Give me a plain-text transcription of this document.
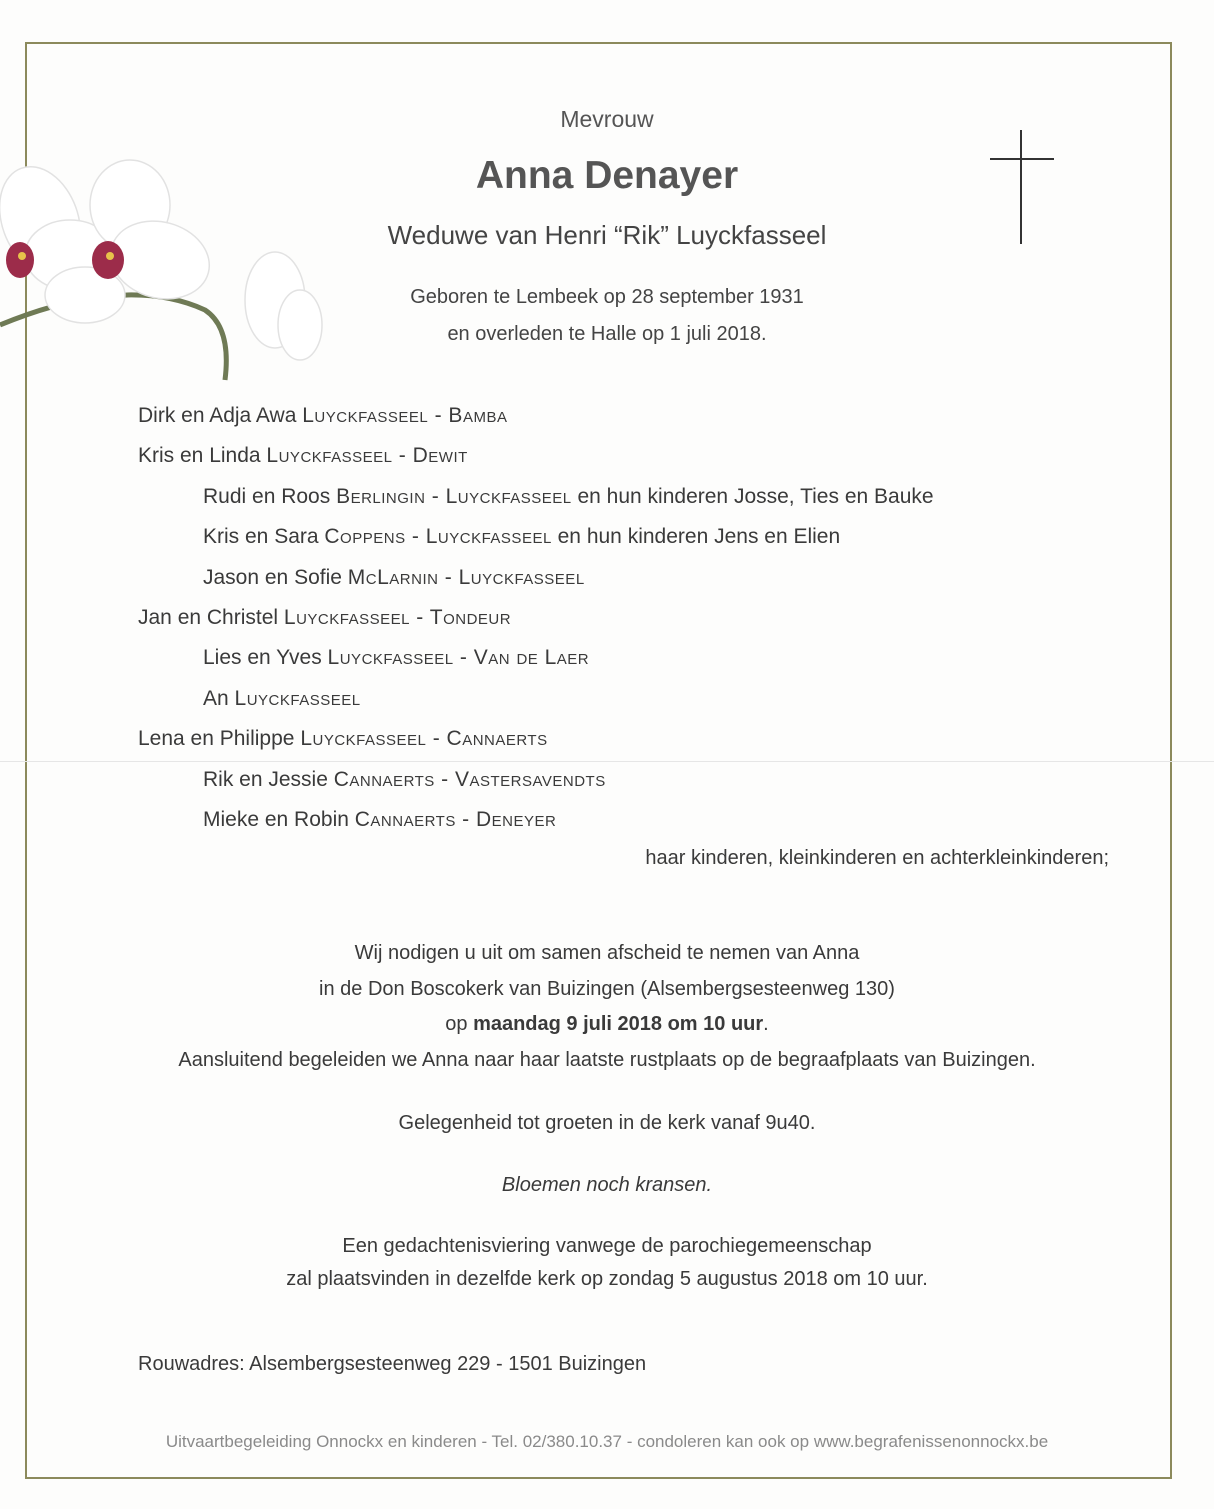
Mevrouw
Anna Denayer
Weduwe van Henri “Rik” Luyckfasseel
Geboren te Lembeek op 28 september 1931
en overleden te Halle op 1 juli 2018.
Dirk en Adja Awa Luyckfasseel - Bamba
Kris en Linda Luyckfasseel - Dewit
Rudi en Roos Berlingin - Luyckfasseel en hun kinderen Josse, Ties en Bauke
Kris en Sara Coppens - Luyckfasseel en hun kinderen Jens en Elien
Jason en Sofie McLarnin - Luyckfasseel
Jan en Christel Luyckfasseel - Tondeur
Lies en Yves Luyckfasseel - Van de Laer
An Luyckfasseel
Lena en Philippe Luyckfasseel - Cannaerts
Rik en Jessie Cannaerts - Vastersavendts
Mieke en Robin Cannaerts - Deneyer
haar kinderen, kleinkinderen en achterkleinkinderen;
Wij nodigen u uit om samen afscheid te nemen van Anna
in de Don Boscokerk van Buizingen (Alsembergsesteenweg 130)
op maandag 9 juli 2018 om 10 uur.
Aansluitend begeleiden we Anna naar haar laatste rustplaats op de begraafplaats van Buizingen.
Gelegenheid tot groeten in de kerk vanaf 9u40.
Bloemen noch kransen.
Een gedachtenisviering vanwege de parochiegemeenschap
zal plaatsvinden in dezelfde kerk op zondag 5 augustus 2018 om 10 uur.
Rouwadres: Alsembergsesteenweg 229 - 1501 Buizingen
Uitvaartbegeleiding Onnockx en kinderen - Tel. 02/380.10.37 - condoleren kan ook op www.begrafenissenonnockx.be
